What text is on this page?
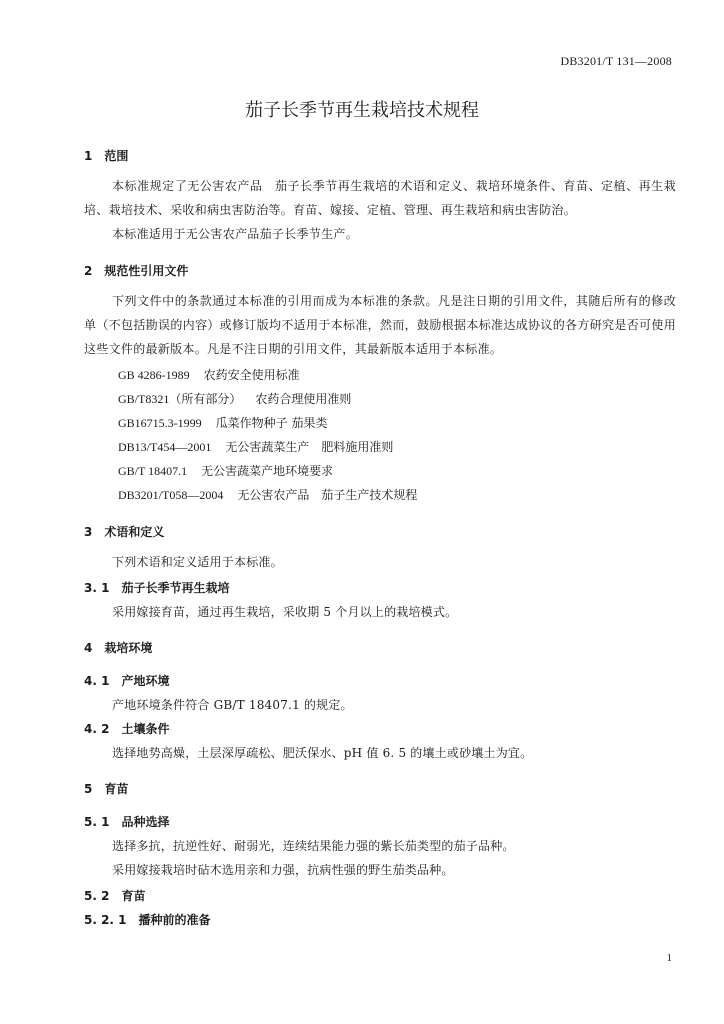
DB3201/T 131—2008
茄子长季节再生栽培技术规程
1 范围
本标准规定了无公害农产品　茄子长季节再生栽培的术语和定义、栽培环境条件、育苗、定植、再生栽培、栽培技术、采收和病虫害防治等。育苗、嫁接、定植、管理、再生栽培和病虫害防治。
本标准适用于无公害农产品茄子长季节生产。
2 规范性引用文件
下列文件中的条款通过本标准的引用而成为本标准的条款。凡是注日期的引用文件，其随后所有的修改单（不包括勘误的内容）或修订版均不适用于本标准，然而，鼓励根据本标准达成协议的各方研究是否可使用这些文件的最新版本。凡是不注日期的引用文件，其最新版本适用于本标准。
GB 4286-1989 农药安全使用标准
GB/T8321（所有部分） 农药合理使用准则
GB16715.3-1999 瓜菜作物种子 茄果类
DB13/T454—2001 无公害蔬菜生产　肥料施用准则
GB/T 18407.1 无公害蔬菜产地环境要求
DB3201/T058—2004 无公害农产品　茄子生产技术规程
3 术语和定义
下列术语和定义适用于本标准。
3. 1 茄子长季节再生栽培
采用嫁接育苗，通过再生栽培，采收期 5 个月以上的栽培模式。
4 栽培环境
4. 1 产地环境
产地环境条件符合 GB/T 18407.1 的规定。
4. 2 土壤条件
选择地势高燥，土层深厚疏松、肥沃保水、pH 值 6. 5 的壤土或砂壤土为宜。
5 育苗
5. 1 品种选择
选择多抗，抗逆性好、耐弱光，连续结果能力强的紫长茄类型的茄子品种。
采用嫁接栽培时砧木选用亲和力强，抗病性强的野生茄类品种。
5. 2 育苗
5. 2. 1 播种前的准备
1
